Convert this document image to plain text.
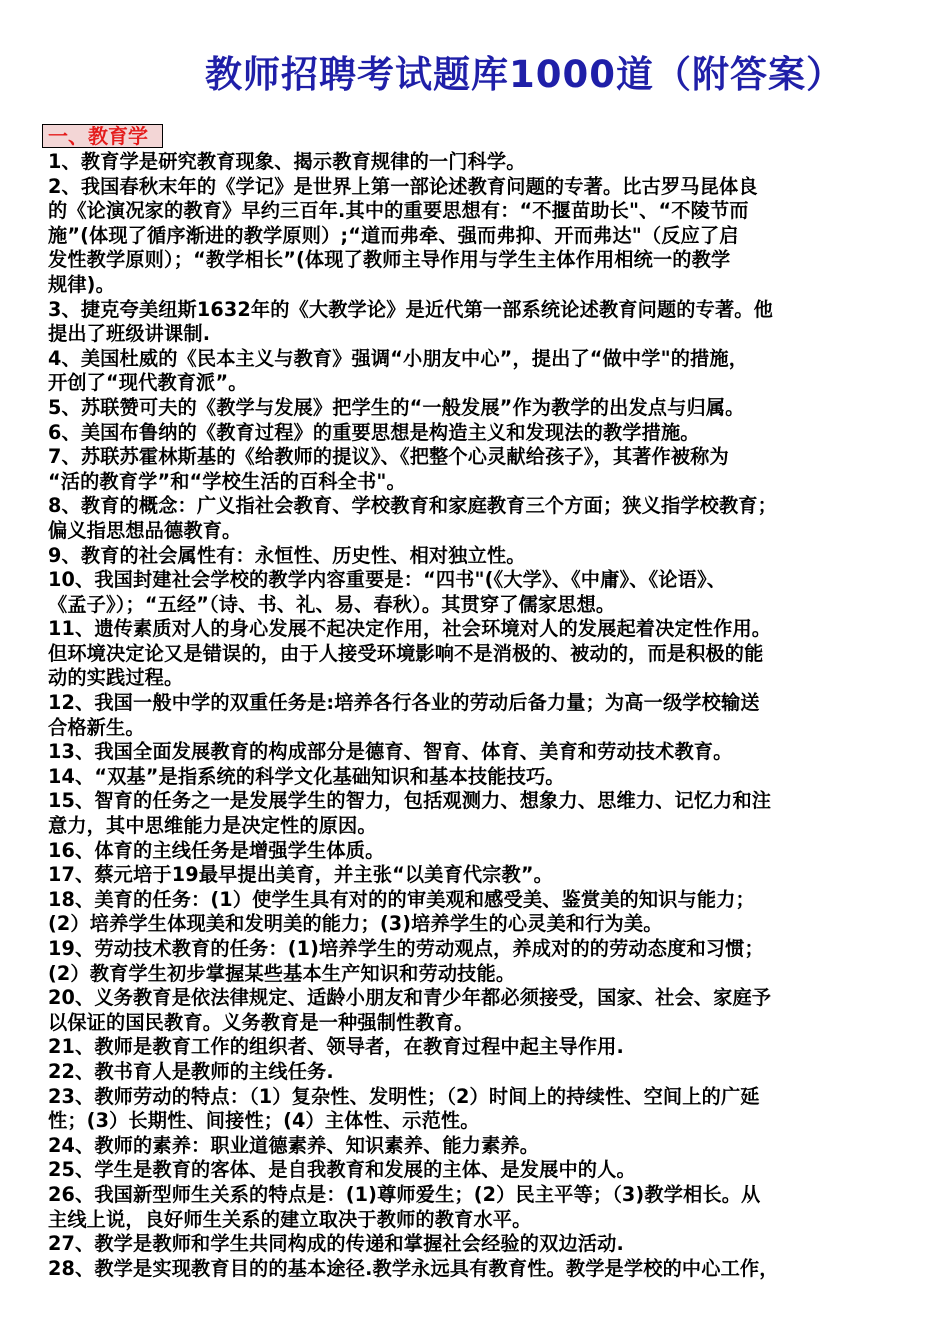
教师招聘考试题库1000道（附答案）
一、教育学
1、教育学是研究教育现象、揭示教育规律的一门科学。
2、我国春秋末年的《学记》是世界上第一部论述教育问题的专著。比古罗马昆体良
的《论演况家的教育》早约三百年.其中的重要思想有：“不揠苗助长"、“不陵节而
施”(体现了循序渐进的教学原则）;“道而弗牵、强而弗抑、开而弗达"（反应了启
发性教学原则）；“教学相长”(体现了教师主导作用与学生主体作用相统一的教学
规律)。
3、捷克夸美纽斯1632年的《大教学论》是近代第一部系统论述教育问题的专著。他
提出了班级讲课制.
4、美国杜威的《民本主义与教育》强调“小朋友中心”，提出了“做中学"的措施，
开创了“现代教育派”。
5、苏联赞可夫的《教学与发展》把学生的“一般发展”作为教学的出发点与归属。
6、美国布鲁纳的《教育过程》的重要思想是构造主义和发现法的教学措施。
7、苏联苏霍林斯基的《给教师的提议》、《把整个心灵献给孩子》，其著作被称为
“活的教育学”和“学校生活的百科全书"。
8、教育的概念：广义指社会教育、学校教育和家庭教育三个方面；狭义指学校教育；
偏义指思想品德教育。
9、教育的社会属性有：永恒性、历史性、相对独立性。
10、我国封建社会学校的教学内容重要是：“四书"(《大学》、《中庸》、《论语》、
《孟子》）；“五经”（诗、书、礼、易、春秋）。其贯穿了儒家思想。
11、遗传素质对人的身心发展不起决定作用，社会环境对人的发展起着决定性作用。
但环境决定论又是错误的，由于人接受环境影响不是消极的、被动的，而是积极的能
动的实践过程。
12、我国一般中学的双重任务是:培养各行各业的劳动后备力量；为高一级学校输送
合格新生。
13、我国全面发展教育的构成部分是德育、智育、体育、美育和劳动技术教育。
14、“双基”是指系统的科学文化基础知识和基本技能技巧。
15、智育的任务之一是发展学生的智力，包括观测力、想象力、思维力、记忆力和注
意力，其中思维能力是决定性的原因。
16、体育的主线任务是增强学生体质。
17、蔡元培于19最早提出美育，并主张“以美育代宗教”。
18、美育的任务：(1）使学生具有对的的审美观和感受美、鉴赏美的知识与能力；
(2）培养学生体现美和发明美的能力；(3)培养学生的心灵美和行为美。
19、劳动技术教育的任务：(1)培养学生的劳动观点，养成对的的劳动态度和习惯；
(2）教育学生初步掌握某些基本生产知识和劳动技能。
20、义务教育是依法律规定、适龄小朋友和青少年都必须接受，国家、社会、家庭予
以保证的国民教育。义务教育是一种强制性教育。
21、教师是教育工作的组织者、领导者，在教育过程中起主导作用.
22、教书育人是教师的主线任务.
23、教师劳动的特点：（1）复杂性、发明性；（2）时间上的持续性、空间上的广延
性；(3）长期性、间接性；(4）主体性、示范性。
24、教师的素养：职业道德素养、知识素养、能力素养。
25、学生是教育的客体、是自我教育和发展的主体、是发展中的人。
26、我国新型师生关系的特点是：(1)尊师爱生；(2）民主平等；（3)教学相长。从
主线上说，良好师生关系的建立取决于教师的教育水平。
27、教学是教师和学生共同构成的传递和掌握社会经验的双边活动.
28、教学是实现教育目的的基本途径.教学永远具有教育性。教学是学校的中心工作，
